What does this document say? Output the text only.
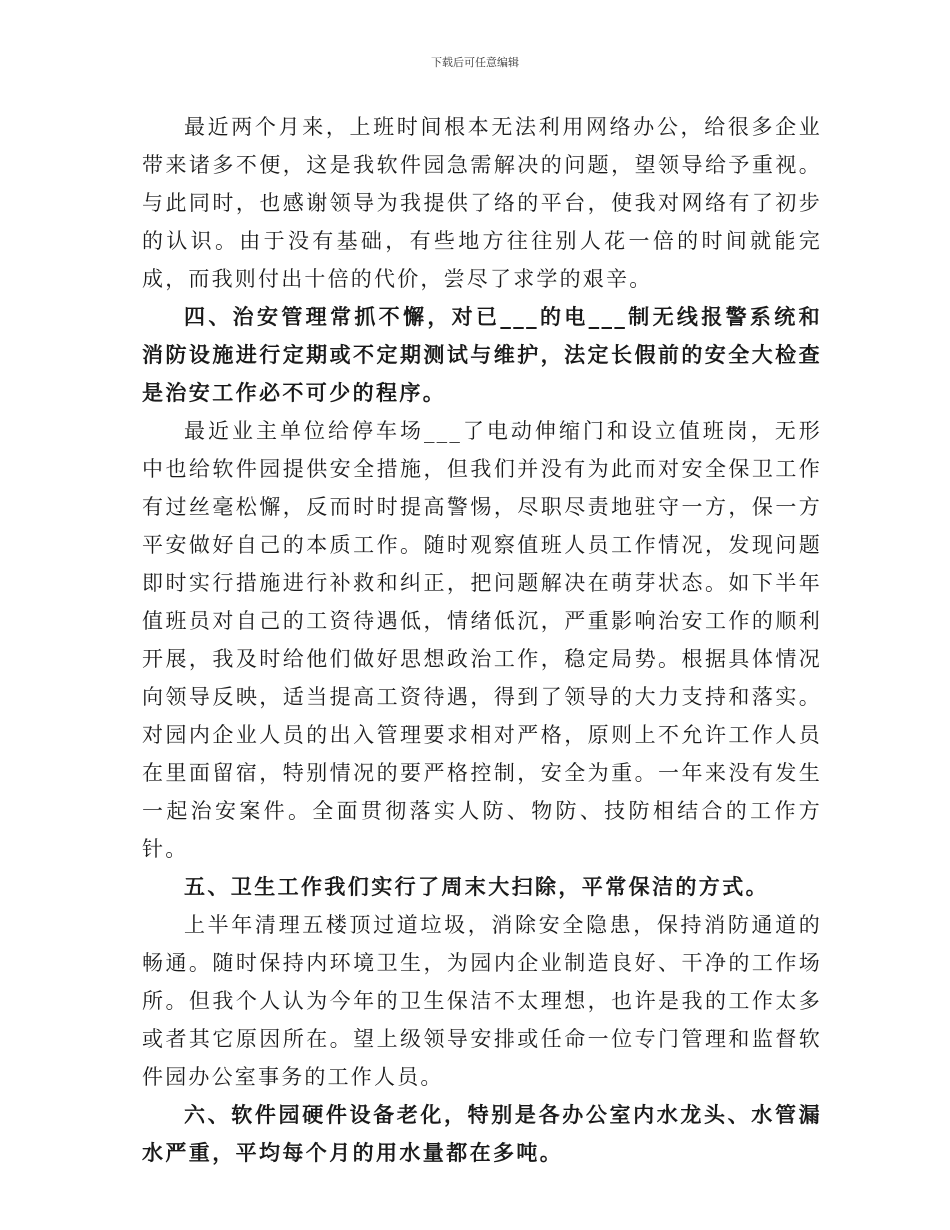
下载后可任意编辑

最近两个月来，上班时间根本无法利用网络办公，给很多企业带来诸多不便，这是我软件园急需解决的问题，望领导给予重视。与此同时，也感谢领导为我提供了络的平台，使我对网络有了初步的认识。由于没有基础，有些地方往往别人花一倍的时间就能完成，而我则付出十倍的代价，尝尽了求学的艰辛。

四、治安管理常抓不懈，对已___的电___制无线报警系统和消防设施进行定期或不定期测试与维护，法定长假前的安全大检查是治安工作必不可少的程序。

最近业主单位给停车场___了电动伸缩门和设立值班岗，无形中也给软件园提供安全措施，但我们并没有为此而对安全保卫工作有过丝毫松懈，反而时时提高警惕，尽职尽责地驻守一方，保一方平安做好自己的本质工作。随时观察值班人员工作情况，发现问题即时实行措施进行补救和纠正，把问题解决在萌芽状态。如下半年值班员对自己的工资待遇低，情绪低沉，严重影响治安工作的顺利开展，我及时给他们做好思想政治工作，稳定局势。根据具体情况向领导反映，适当提高工资待遇，得到了领导的大力支持和落实。对园内企业人员的出入管理要求相对严格，原则上不允许工作人员在里面留宿，特别情况的要严格控制，安全为重。一年来没有发生一起治安案件。全面贯彻落实人防、物防、技防相结合的工作方针。

五、卫生工作我们实行了周末大扫除，平常保洁的方式。

上半年清理五楼顶过道垃圾，消除安全隐患，保持消防通道的畅通。随时保持内环境卫生，为园内企业制造良好、干净的工作场所。但我个人认为今年的卫生保洁不太理想，也许是我的工作太多或者其它原因所在。望上级领导安排或任命一位专门管理和监督软件园办公室事务的工作人员。

六、软件园硬件设备老化，特别是各办公室内水龙头、水管漏水严重，平均每个月的用水量都在多吨。
